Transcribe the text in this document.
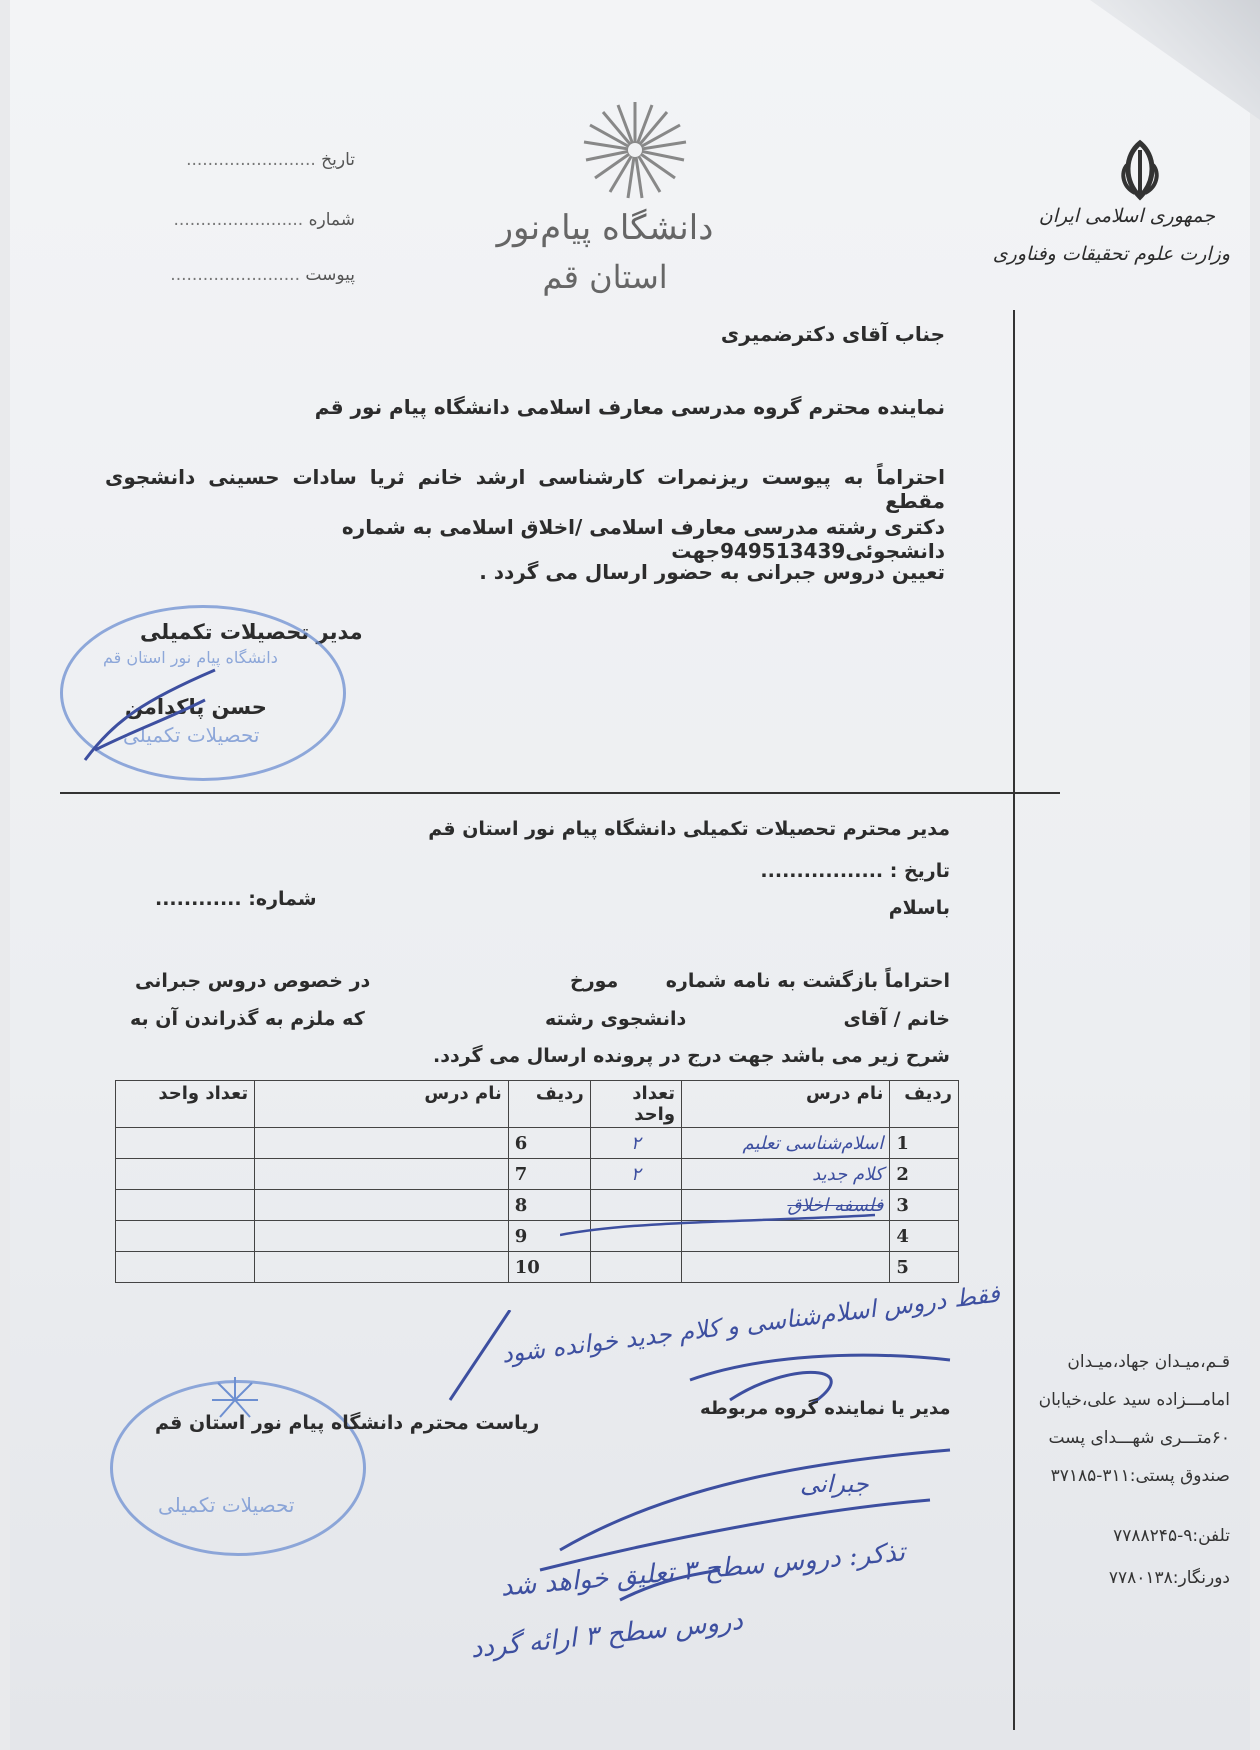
جمهوری اسلامی ایران
وزارت علوم تحقیقات وفناوری
دانشگاه پیام‌نور
استان قم
تاریخ ........................
شماره ........................
پیوست ........................
جناب آقای دکترضمیری
نماینده محترم گروه مدرسی معارف اسلامی دانشگاه پیام نور قم
احتراماً به پیوست ریزنمرات کارشناسی ارشد خانم ثریا سادات حسینی دانشجوی مقطع
دکتری رشته مدرسی معارف اسلامی /اخلاق اسلامی به شماره دانشجوئی949513439جهت
تعیین دروس جبرانی به حضور ارسال می گردد .
مدیر تحصیلات تکمیلی
دانشگاه پیام نور استان قم
تحصیلات تکمیلی
حسن پاکدامن
مدیر محترم تحصیلات تکمیلی دانشگاه پیام نور استان قم
تاریخ : .................
شماره: ............	باسلام
احتراماً بازگشت به نامه شماره
مورخ
در خصوص دروس جبرانی
خانم / آقای
دانشجوی رشته
که ملزم به گذراندن آن به
شرح زیر می باشد جهت درج در پرونده ارسال می گردد.
ردیف	نام درس	تعداد واحد	ردیف	نام درس	تعداد واحد
1	اسلام‌شناسی تعلیم	۲	6		
2	کلام جدید	۲	7		
3	فلسفه اخلاق		8		
4			9		
5			10		
فقط دروس اسلام‌شناسی و کلام جدید خوانده شود
مدیر یا نماینده گروه مربوطه
جبرانی
تحصیلات تکمیلی
ریاست محترم دانشگاه پیام نور استان قم
تذکر: دروس سطح ۳ تعلیق خواهد شد
دروس سطح ۳ ارائه گردد
قـم،میـدان جهاد،میـدان
امامـــزاده سید علی،خیابان
۶۰متـــری شهـــدای پست
صندوق پستی:۳۱۱-۳۷۱۸۵
تلفن:۹-۷۷۸۸۲۴۵
دورنگار:۷۷۸۰۱۳۸
